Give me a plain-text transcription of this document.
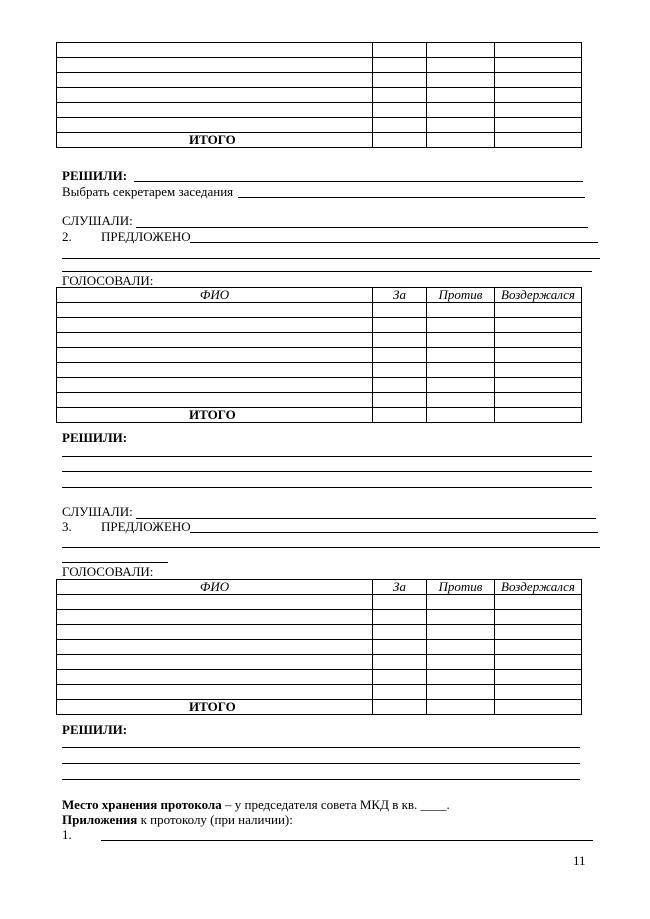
ИТОГО			
РЕШИЛИ:
Выбрать секретарем заседания
СЛУШАЛИ:
2. ПРЕДЛОЖЕНО
ГОЛОСОВАЛИ:
ФИО	За	Против	Воздержался

ИТОГО			
РЕШИЛИ:
СЛУШАЛИ:
3. ПРЕДЛОЖЕНО
ГОЛОСОВАЛИ:
ФИО	За	Против	Воздержался

ИТОГО			
РЕШИЛИ:
Место хранения протокола – у председателя совета МКД в кв. ____.
Приложения к протоколу (при наличии):
1.
11
